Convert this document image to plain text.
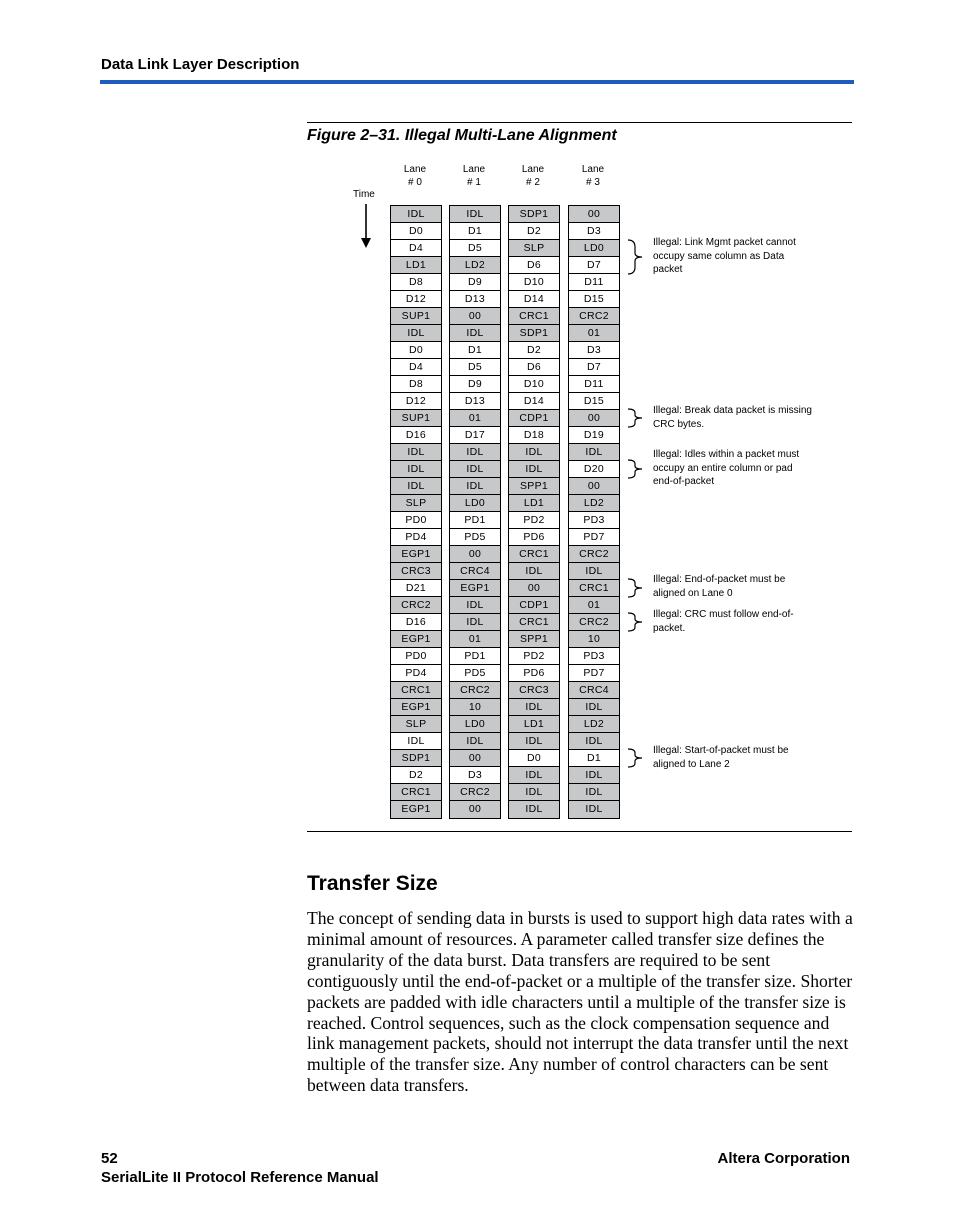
Data Link Layer Description
Figure 2–31. Illegal Multi-Lane Alignment
Lane
# 0
Lane
# 1
Lane
# 2
Lane
# 3
Time
IDL
D0
D4
LD1
D8
D12
SUP1
IDL
D0
D4
D8
D12
SUP1
D16
IDL
IDL
IDL
SLP
PD0
PD4
EGP1
CRC3
D21
CRC2
D16
EGP1
PD0
PD4
CRC1
EGP1
SLP
IDL
SDP1
D2
CRC1
EGP1
IDL
D1
D5
LD2
D9
D13
00
IDL
D1
D5
D9
D13
01
D17
IDL
IDL
IDL
LD0
PD1
PD5
00
CRC4
EGP1
IDL
IDL
01
PD1
PD5
CRC2
10
LD0
IDL
00
D3
CRC2
00
SDP1
D2
SLP
D6
D10
D14
CRC1
SDP1
D2
D6
D10
D14
CDP1
D18
IDL
IDL
SPP1
LD1
PD2
PD6
CRC1
IDL
00
CDP1
CRC1
SPP1
PD2
PD6
CRC3
IDL
LD1
IDL
D0
IDL
IDL
IDL
00
D3
LD0
D7
D11
D15
CRC2
01
D3
D7
D11
D15
00
D19
IDL
D20
00
LD2
PD3
PD7
CRC2
IDL
CRC1
01
CRC2
10
PD3
PD7
CRC4
IDL
LD2
IDL
D1
IDL
IDL
IDL
Illegal: Link Mgmt packet cannot occupy same column as Data packet
Illegal: Break data packet is missing CRC bytes.
Illegal: Idles within a packet must occupy an entire column or pad end-of-packet
Illegal: End-of-packet must be aligned on Lane 0
Illegal: CRC must follow end-of-packet.
Illegal: Start-of-packet must be aligned to Lane 2
Transfer Size
The concept of sending data in bursts is used to support high data rates with a minimal amount of resources. A parameter called transfer size defines the granularity of the data burst. Data transfers are required to be sent contiguously until the end-of-packet or a multiple of the transfer size. Shorter packets are padded with idle characters until a multiple of the transfer size is reached. Control sequences, such as the clock compensation sequence and link management packets, should not interrupt the data transfer until the next multiple of the transfer size. Any number of control characters can be sent between data transfers.
52
SerialLite II Protocol Reference Manual
Altera Corporation
